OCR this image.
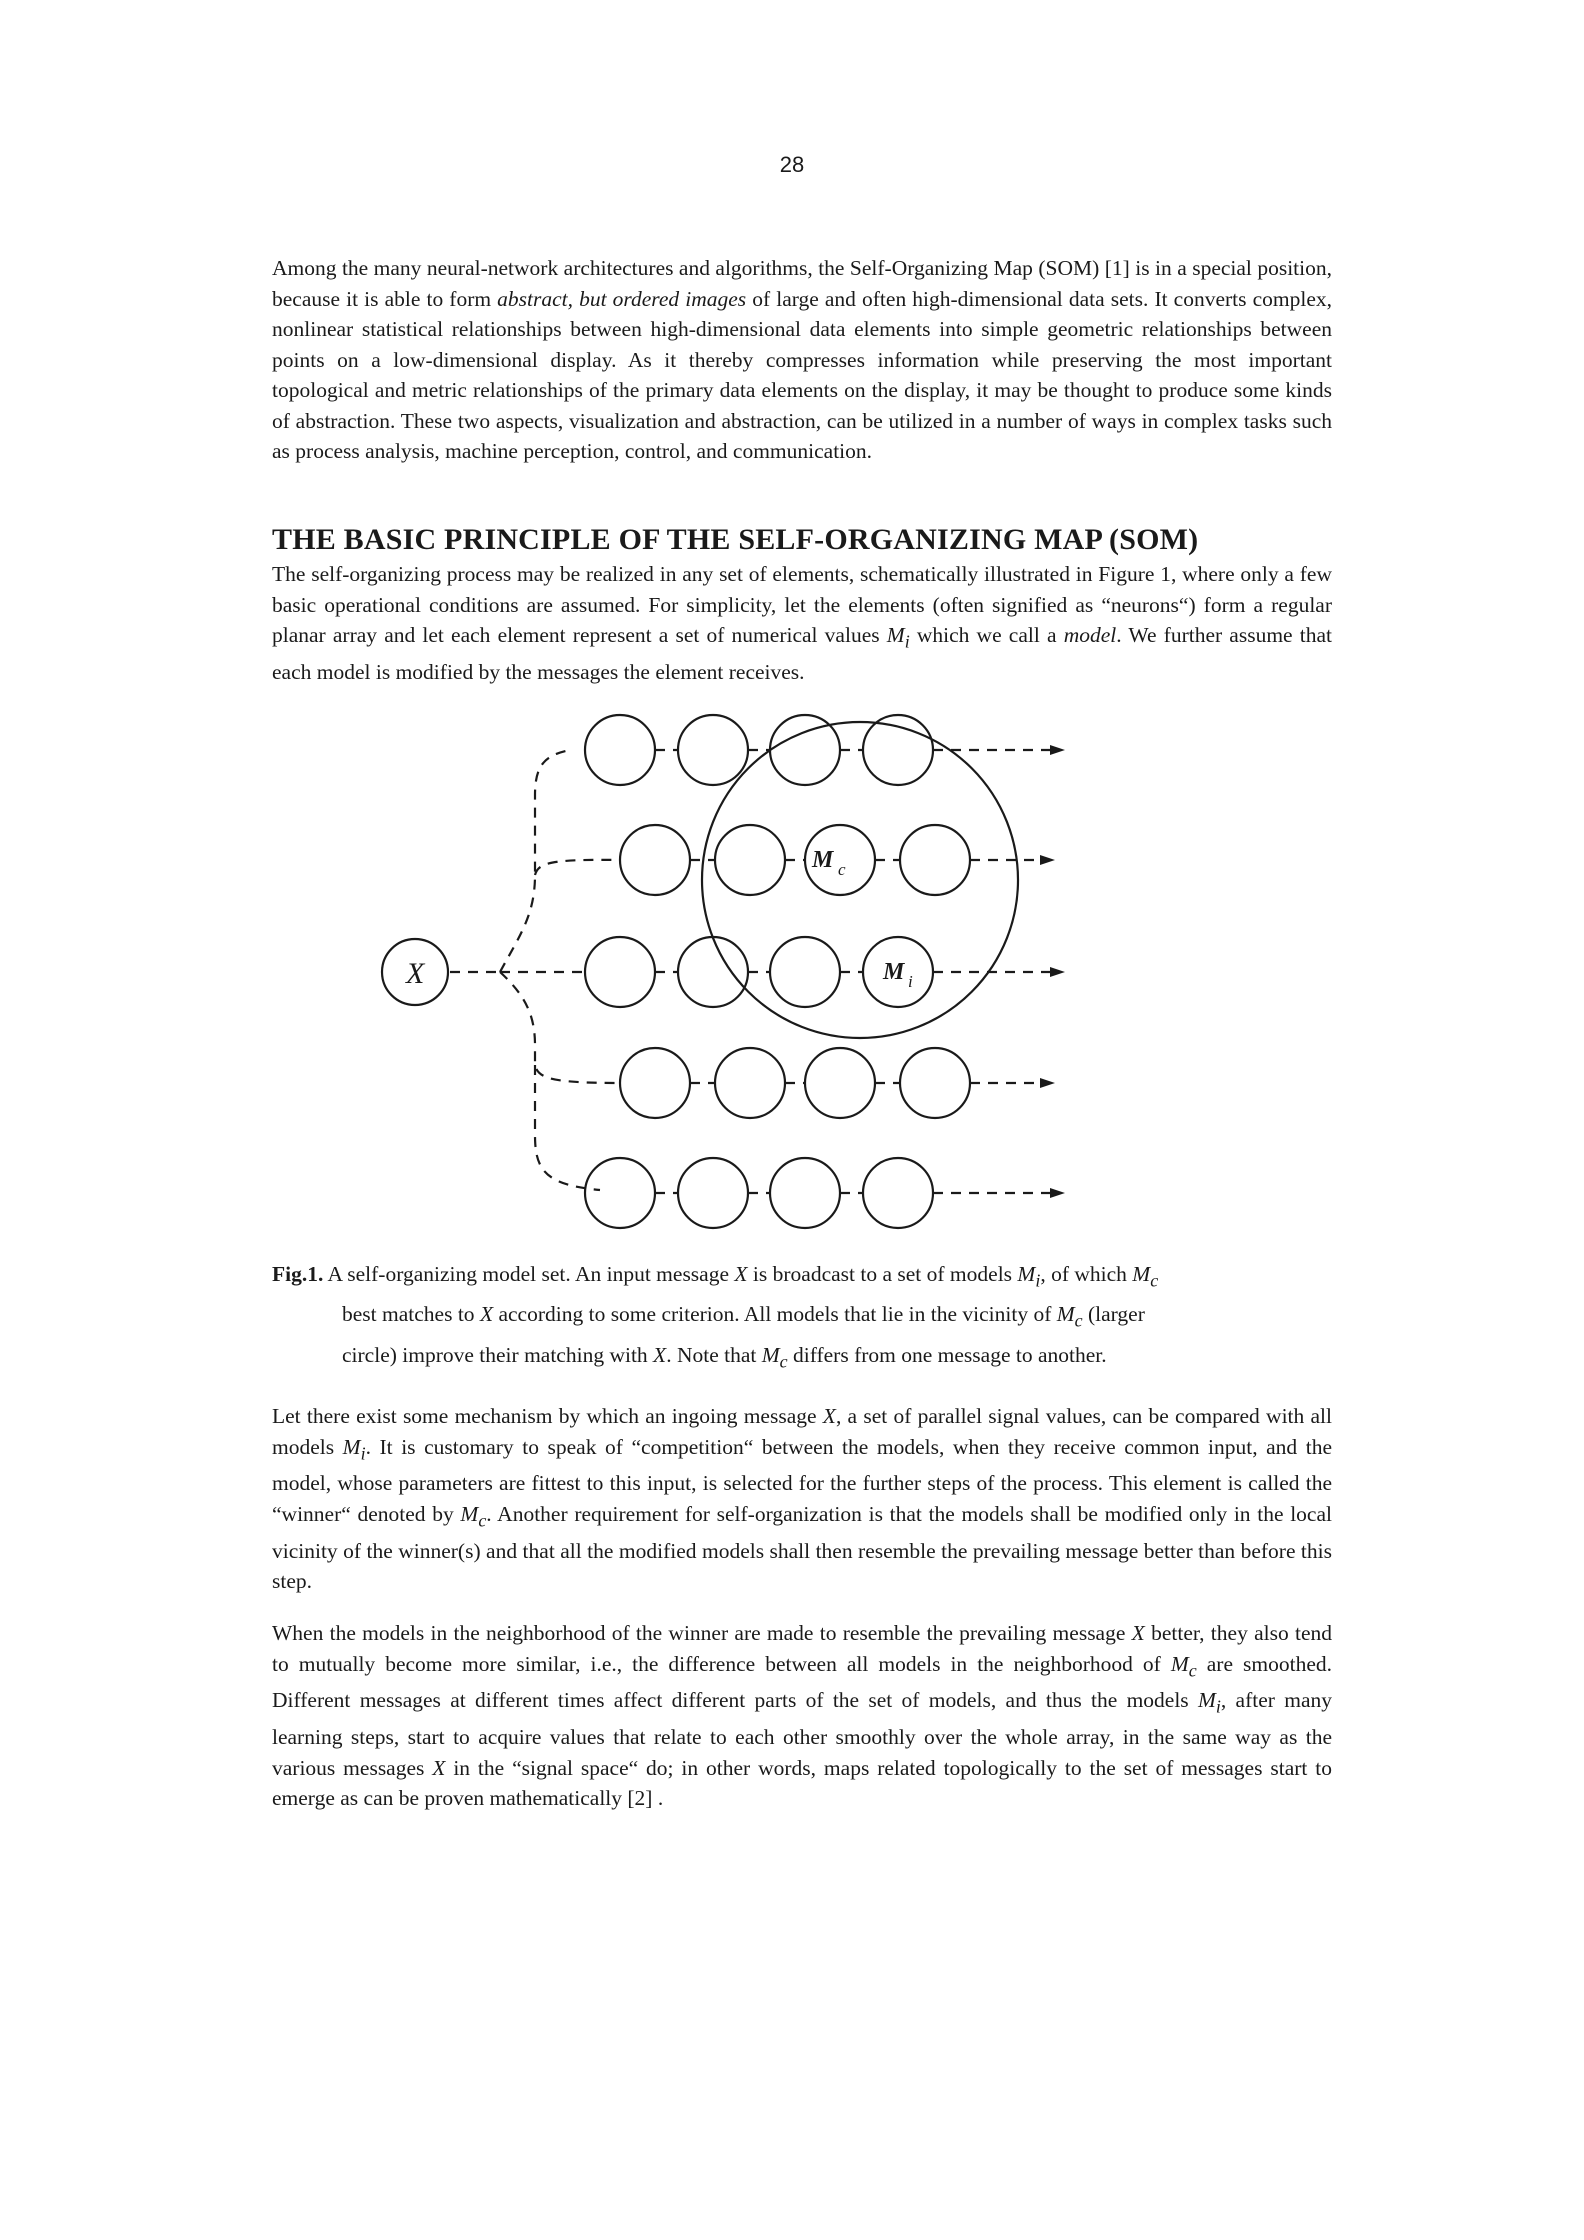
28

Among the many neural-network architectures and algorithms, the Self-Organizing Map (SOM) [1] is in a special position, because it is able to form abstract, but ordered images of large and often high-dimensional data sets. It converts complex, nonlinear statistical relationships between high-dimensional data elements into simple geometric relationships between points on a low-dimensional display. As it thereby compresses information while preserving the most important topological and metric relationships of the primary data elements on the display, it may be thought to produce some kinds of abstraction. These two aspects, visualization and abstraction, can be utilized in a number of ways in complex tasks such as process analysis, machine perception, control, and communication.

THE BASIC PRINCIPLE OF THE SELF-ORGANIZING MAP (SOM)

The self-organizing process may be realized in any set of elements, schematically illustrated in Figure 1, where only a few basic operational conditions are assumed. For simplicity, let the elements (often signified as “neurons“) form a regular planar array and let each element represent a set of numerical values $M_i$ which we call a model. We further assume that each model is modified by the messages the element receives.

X
M c
M i
Fig.1. A self-organizing model set. An input message X is broadcast to a set of models $M_i$, of which $M_c$
best matches to X according to some criterion. All models that lie in the vicinity of $M_c$ (larger
circle) improve their matching with X. Note that $M_c$ differs from one message to another.

Let there exist some mechanism by which an ingoing message X, a set of parallel signal values, can be compared with all models $M_i$. It is customary to speak of “competition“ between the models, when they receive common input, and the model, whose parameters are fittest to this input, is selected for the further steps of the process. This element is called the “winner“ denoted by $M_c$. Another requirement for self-organization is that the models shall be modified only in the local vicinity of the winner(s) and that all the modified models shall then resemble the prevailing message better than before this step.

When the models in the neighborhood of the winner are made to resemble the prevailing message X better, they also tend to mutually become more similar, i.e., the difference between all models in the neighborhood of $M_c$ are smoothed. Different messages at different times affect different parts of the set of models, and thus the models $M_i$, after many learning steps, start to acquire values that relate to each other smoothly over the whole array, in the same way as the various messages X in the “signal space“ do; in other words, maps related topologically to the set of messages start to emerge as can be proven mathematically [2] .
